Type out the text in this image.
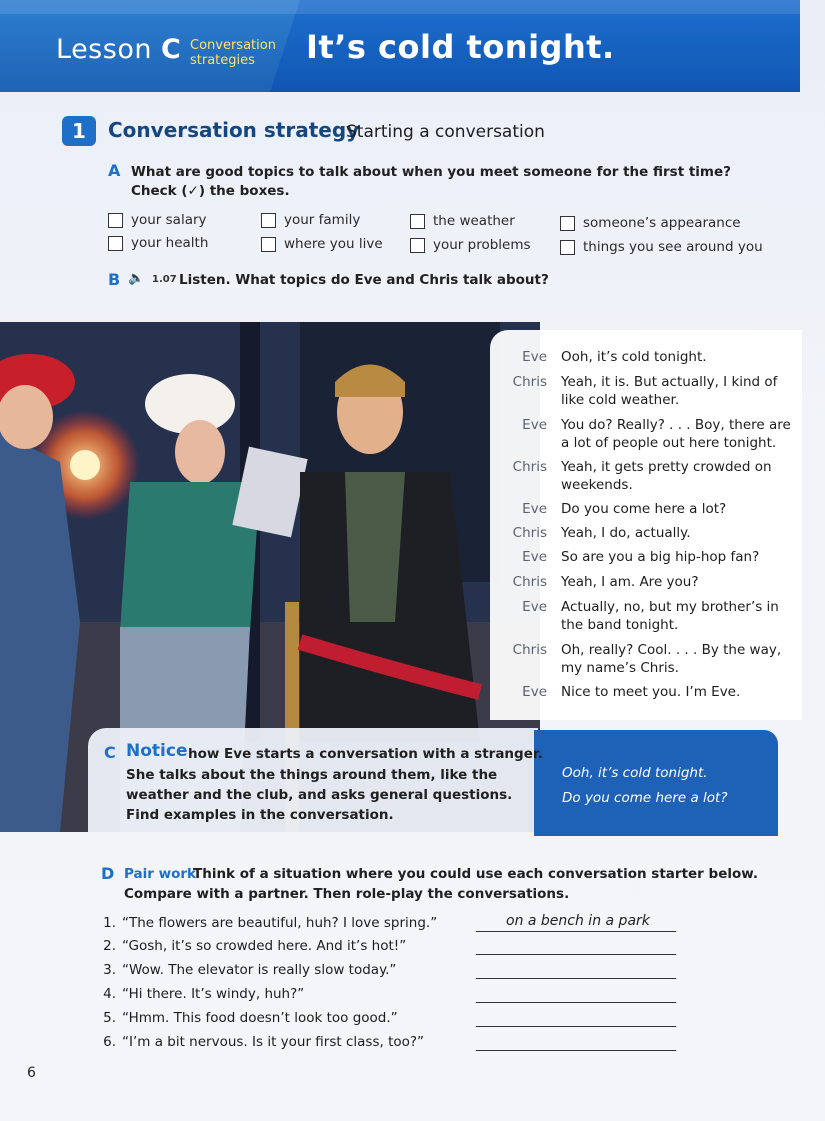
Lesson C Conversation
strategies	It’s cold tonight.
1	Conversation strategy
Starting a conversation
A What are good topics to talk about when you meet someone for the first time?
Check (✓) the boxes.
your salary	your family	the weather	someone’s appearance
your health	where you live	your problems	things you see around you
B 🔈 1.07 Listen. What topics do Eve and Chris talk about?
Eve Ooh, it’s cold tonight.
Chris Yeah, it is. But actually, I kind of
like cold weather.
Eve You do? Really? . . . Boy, there are
a lot of people out here tonight.
Chris Yeah, it gets pretty crowded on
weekends.
Eve Do you come here a lot?
Chris Yeah, I do, actually.
Eve So are you a big hip-hop fan?
Chris Yeah, I am. Are you?
Eve Actually, no, but my brother’s in
the band tonight.
Chris Oh, really? Cool. . . . By the way,
my name’s Chris.
Eve Nice to meet you. I’m Eve.
Ooh, it’s cold tonight.
Do you come here a lot?
C Notice how Eve starts a conversation with a stranger.
She talks about the things around them, like the
weather and the club, and asks general questions.
Find examples in the conversation.
D Pair work
Think of a situation where you could use each conversation starter below.
Compare with a partner. Then role-play the conversations.
1. “The flowers are beautiful, huh? I love spring.”	on a bench in a park
2. “Gosh, it’s so crowded here. And it’s hot!”
3. “Wow. The elevator is really slow today.”
4. “Hi there. It’s windy, huh?”
5. “Hmm. This food doesn’t look too good.”
6. “I’m a bit nervous. Is it your first class, too?”
6
